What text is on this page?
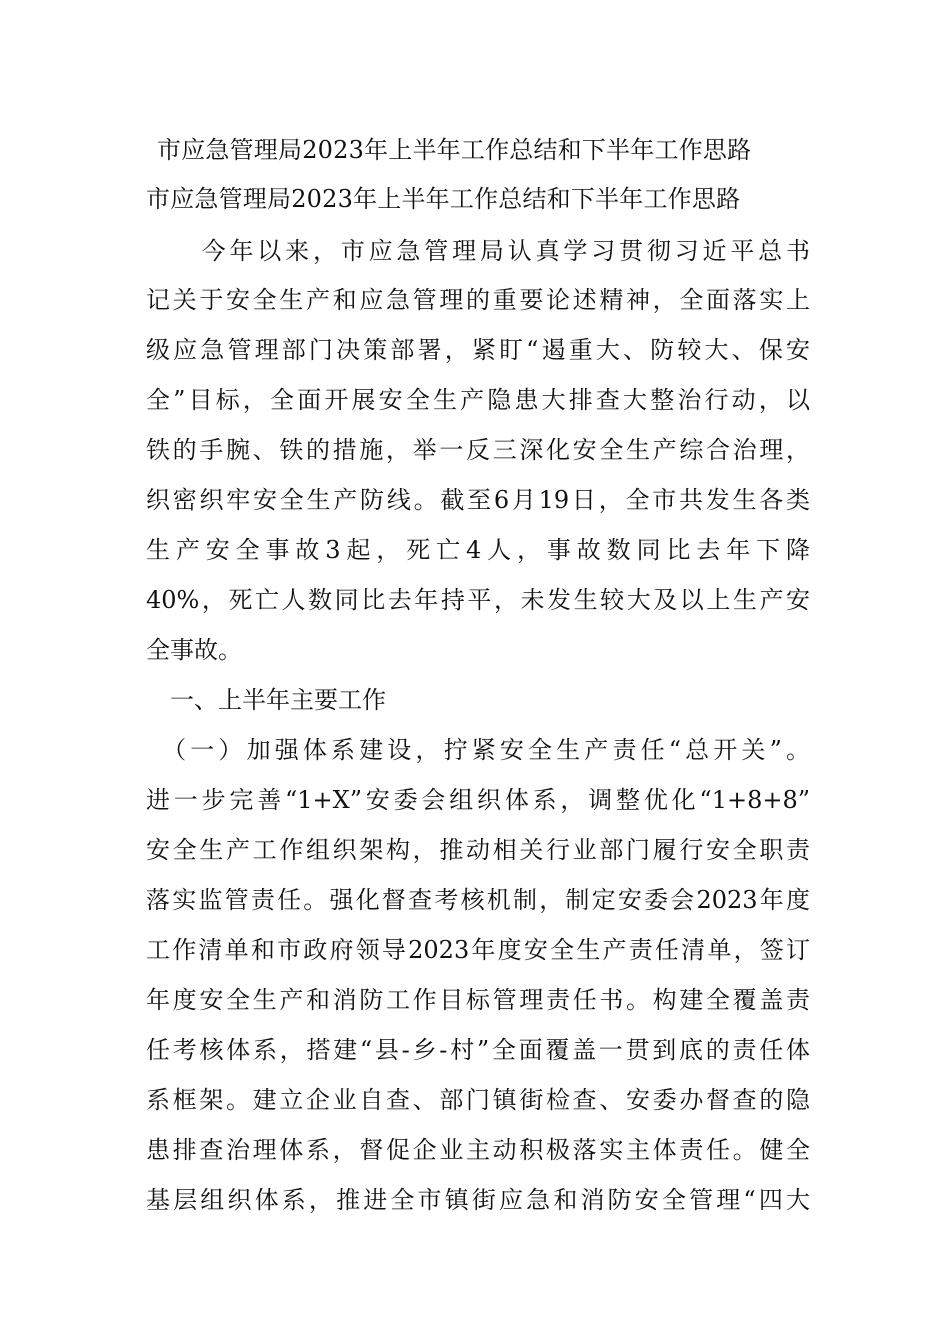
市应急管理局2023年上半年工作总结和下半年工作思路
市应急管理局2023年上半年工作总结和下半年工作思路
　　今年以来，市应急管理局认真学习贯彻习近平总书
记关于安全生产和应急管理的重要论述精神，全面落实上
级应急管理部门决策部署，紧盯“遏重大、防较大、保安
全”目标，全面开展安全生产隐患大排查大整治行动，以
铁的手腕、铁的措施，举一反三深化安全生产综合治理，
织密织牢安全生产防线。截至6月19日，全市共发生各类
生产安全事故3起，死亡4人，事故数同比去年下降
40%，死亡人数同比去年持平，未发生较大及以上生产安
全事故。
　一、上半年主要工作
　（一）加强体系建设，拧紧安全生产责任“总开关”。
进一步完善“1+X”安委会组织体系，调整优化“1+8+8”
安全生产工作组织架构，推动相关行业部门履行安全职责
落实监管责任。强化督查考核机制，制定安委会2023年度
工作清单和市政府领导2023年度安全生产责任清单，签订
年度安全生产和消防工作目标管理责任书。构建全覆盖责
任考核体系，搭建“县-乡-村”全面覆盖一贯到底的责任体
系框架。建立企业自查、部门镇街检查、安委办督查的隐
患排查治理体系，督促企业主动积极落实主体责任。健全
基层组织体系，推进全市镇街应急和消防安全管理“四大
